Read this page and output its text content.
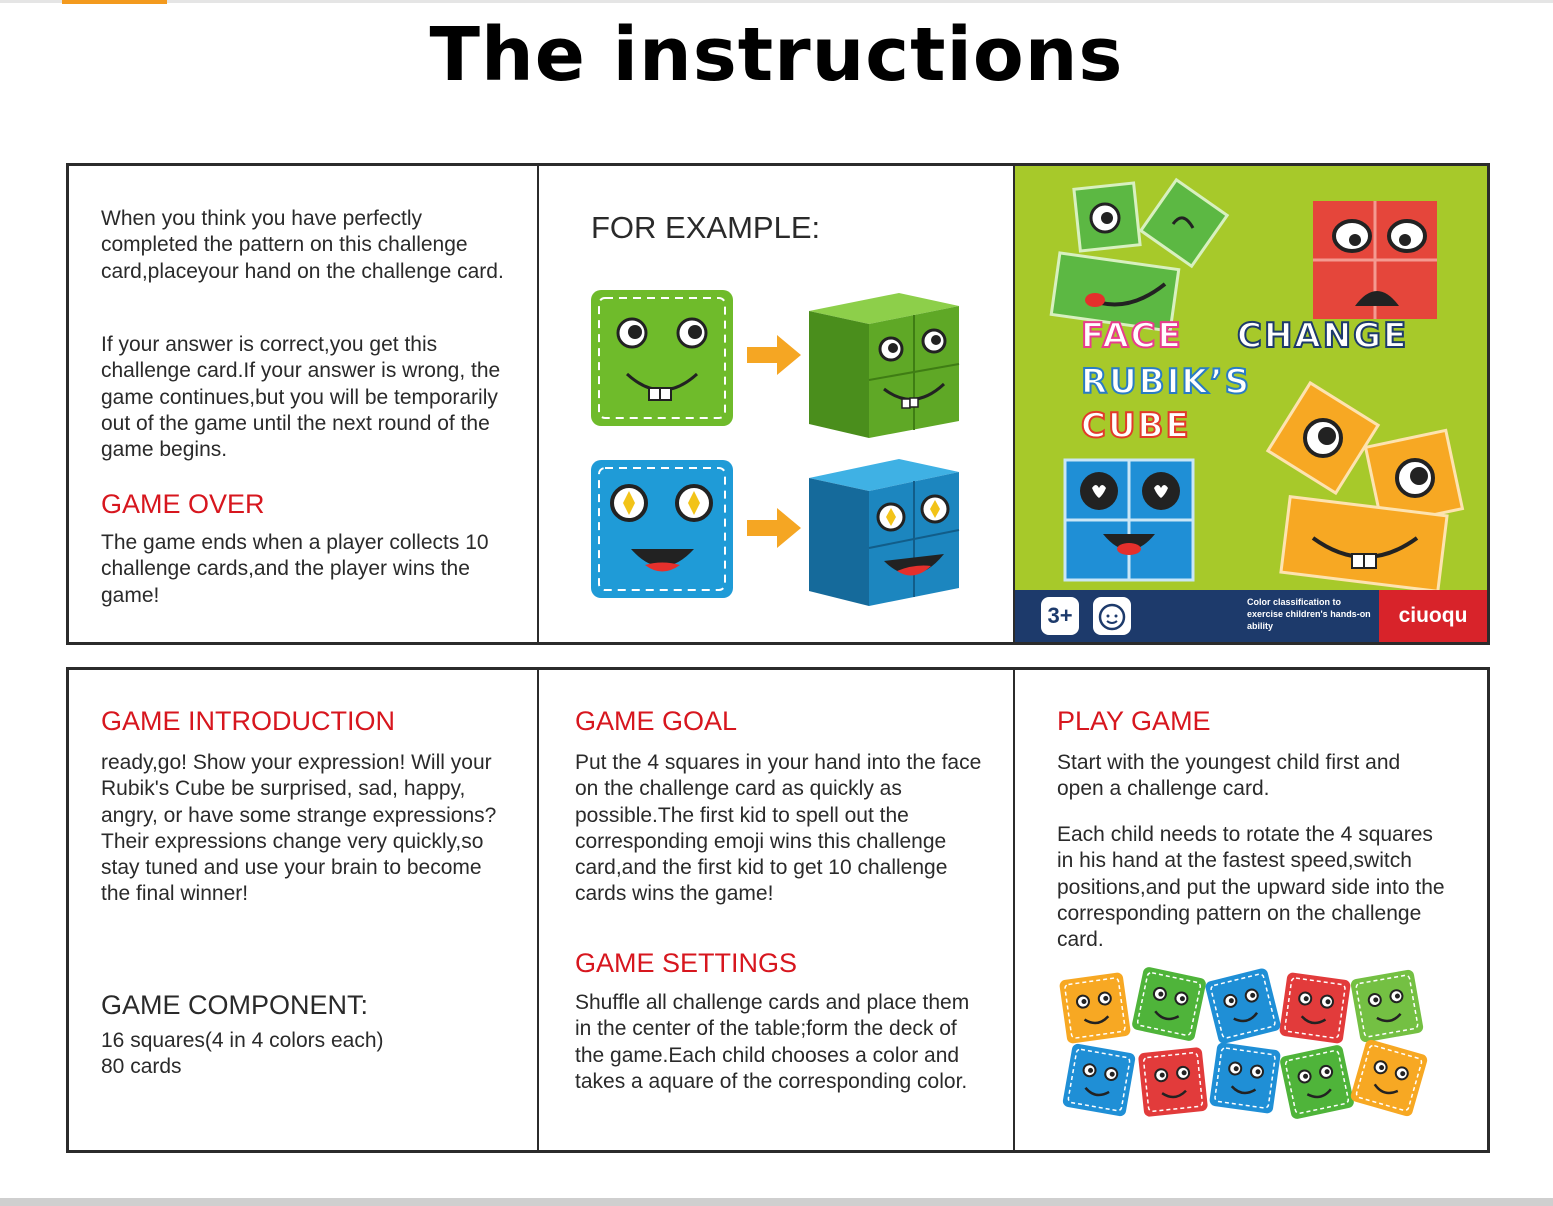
The instructions
When you think you have perfectly completed the pattern on this challenge card,placeyour hand on the challenge card.
If your answer is correct,you get this challenge card.If your answer is wrong, the game continues,but you will be temporarily out of the game until the next round of the game begins.
GAME OVER
The game ends when a player collects 10 challenge cards,and the player wins the game!
FOR EXAMPLE:
FACE CHANGE
RUBIK’S
CUBE
3+
Color classification to exercise children's hands-on ability	ciuoqu
GAME INTRODUCTION
ready,go! Show your expression! Will your Rubik's Cube be surprised, sad, happy, angry, or have some strange expressions? Their expressions change very quickly,so stay tuned and use your brain to become the final winner!
GAME COMPONENT:
16 squares(4 in 4 colors each)
80 cards
GAME GOAL
Put the 4 squares in your hand into the face on the challenge card as quickly as possible.The first kid to spell out the corresponding emoji wins this challenge card,and the first kid to get 10 challenge cards wins the game!
GAME SETTINGS
Shuffle all challenge cards and place them in the center of the table;form the deck of the game.Each child chooses a color and takes a aquare of the corresponding color.
PLAY GAME
Start with the youngest child first and open a challenge card.
Each child needs to rotate the 4 squares in his hand at the fastest speed,switch positions,and put the upward side into the corresponding pattern on the challenge card.
